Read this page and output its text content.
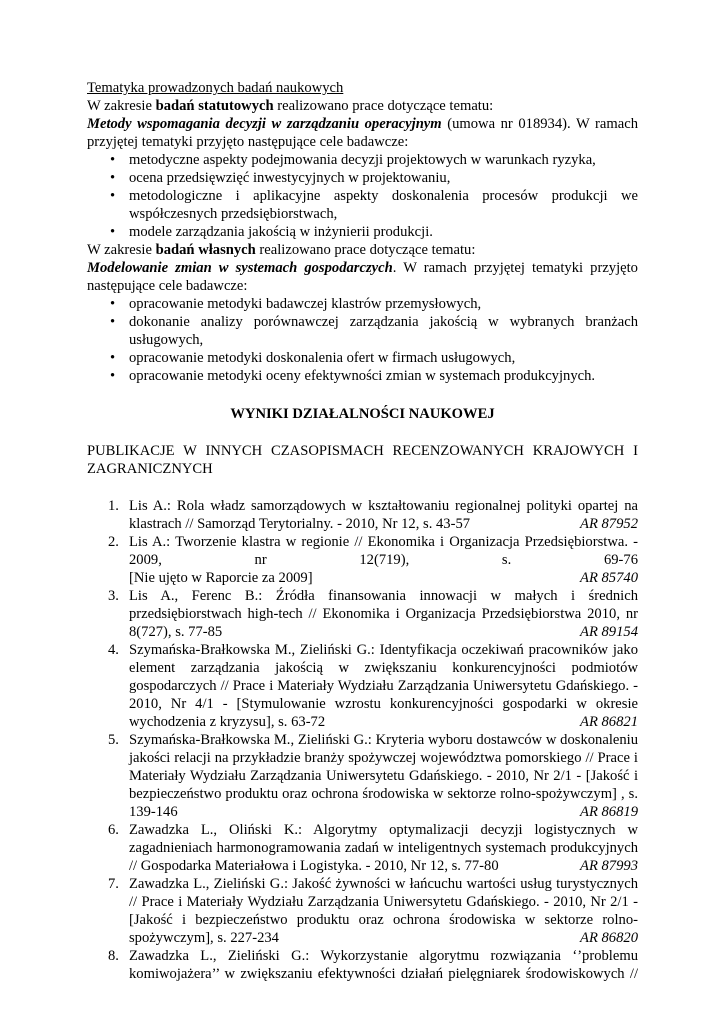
Tematyka prowadzonych badań naukowych

W zakresie badań statutowych realizowano prace dotyczące tematu:

Metody wspomagania decyzji w zarządzaniu operacyjnym (umowa nr 018934). W ramach przyjętej tematyki przyjęto następujące cele badawcze:

• metodyczne aspekty podejmowania decyzji projektowych w warunkach ryzyka,
• ocena przedsięwzięć inwestycyjnych w projektowaniu,
• metodologiczne i aplikacyjne aspekty doskonalenia procesów produkcji we współczesnych przedsiębiorstwach,
• modele zarządzania jakością w inżynierii produkcji.

W zakresie badań własnych realizowano prace dotyczące tematu:

Modelowanie zmian w systemach gospodarczych. W ramach przyjętej tematyki przyjęto następujące cele badawcze:

• opracowanie metodyki badawczej klastrów przemysłowych,
• dokonanie analizy porównawczej zarządzania jakością w wybranych branżach usługowych,
• opracowanie metodyki doskonalenia ofert w firmach usługowych,
• opracowanie metodyki oceny efektywności zmian w systemach produkcyjnych.

WYNIKI DZIAŁALNOŚCI NAUKOWEJ

PUBLIKACJE W INNYCH CZASOPISMACH RECENZOWANYCH KRAJOWYCH I ZAGRANICZNYCH

1. Lis A.: Rola władz samorządowych w kształtowaniu regionalnej polityki opartej na
klastrach // Samorząd Terytorialny. - 2010, Nr 12, s. 43-57	AR 87952
2. Lis A.: Tworzenie klastra w regionie // Ekonomika i Organizacja Przedsiębiorstwa. - 2009, nr 12(719), s. 69-76
[Nie ujęto w Raporcie za 2009]	AR 85740
3. Lis A., Ferenc B.: Źródła finansowania innowacji w małych i średnich przedsiębiorstwach high-tech // Ekonomika i Organizacja Przedsiębiorstwa 2010, nr
8(727), s. 77-85	AR 89154
4. Szymańska-Brałkowska M., Zieliński G.: Identyfikacja oczekiwań pracowników jako element zarządzania jakością w zwiększaniu konkurencyjności podmiotów gospodarczych // Prace i Materiały Wydziału Zarządzania Uniwersytetu Gdańskiego. - 2010, Nr 4/1 - [Stymulowanie wzrostu konkurencyjności gospodarki w okresie
wychodzenia z kryzysu], s. 63-72	AR 86821
5. Szymańska-Brałkowska M., Zieliński G.: Kryteria wyboru dostawców w doskonaleniu jakości relacji na przykładzie branży spożywczej województwa pomorskiego // Prace i Materiały Wydziału Zarządzania Uniwersytetu Gdańskiego. - 2010, Nr 2/1 - [Jakość i bezpieczeństwo produktu oraz ochrona środowiska w sektorze rolno-spożywczym] , s.
139-146	AR 86819
6. Zawadzka L., Oliński K.: Algorytmy optymalizacji decyzji logistycznych w zagadnieniach harmonogramowania zadań w inteligentnych systemach produkcyjnych
// Gospodarka Materiałowa i Logistyka. - 2010, Nr 12, s. 77-80	AR 87993
7. Zawadzka L., Zieliński G.: Jakość żywności w łańcuchu wartości usług turystycznych // Prace i Materiały Wydziału Zarządzania Uniwersytetu Gdańskiego. - 2010, Nr 2/1 - [Jakość i bezpieczeństwo produktu oraz ochrona środowiska w sektorze rolno-
spożywczym], s. 227-234	AR 86820
8. Zawadzka L., Zieliński G.: Wykorzystanie algorytmu rozwiązania ‘’problemu komiwojażera’’ w zwiększaniu efektywności działań pielęgniarek środowiskowych //
